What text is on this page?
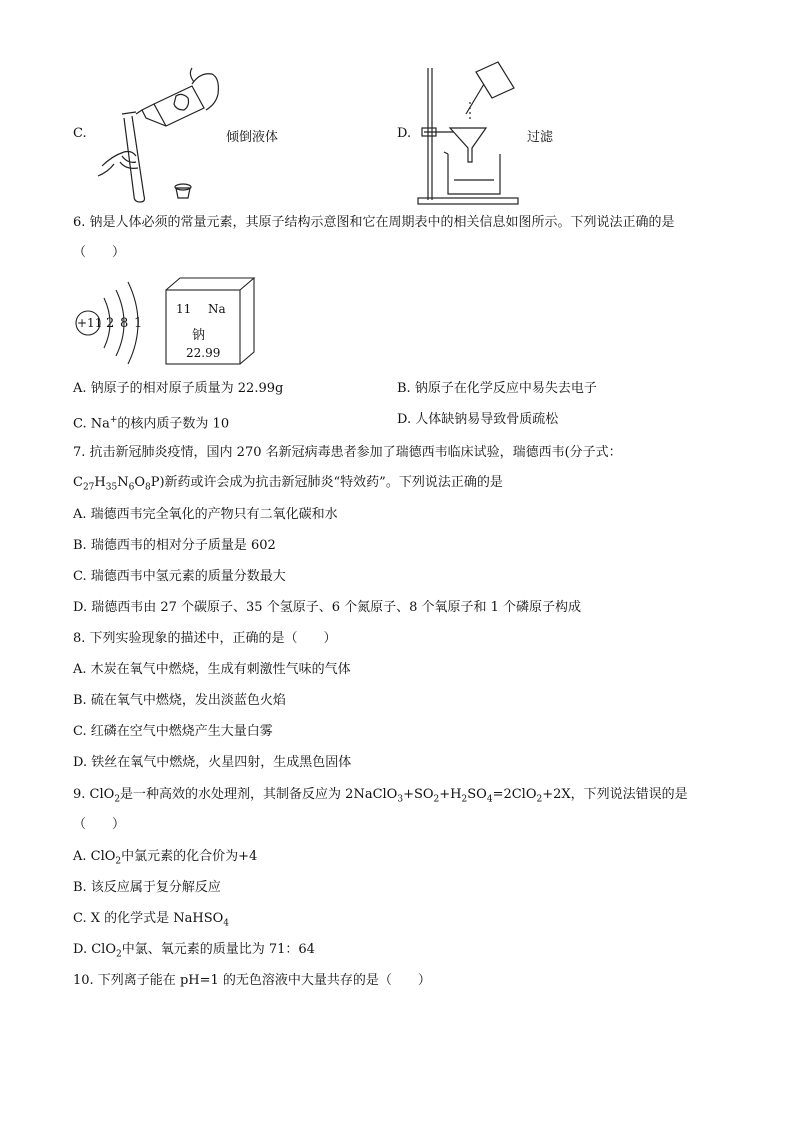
C.	倾倒液体	D.	过滤
6. 钠是人体必须的常量元素，其原子结构示意图和它在周期表中的相关信息如图所示。下列说法正确的是
（　　）
+11 2 8 1
11 Na
钠
22.99
A. 钠原子的相对原子质量为 22.99g	B. 钠原子在化学反应中易失去电子
C. Na+的核内质子数为 10	D. 人体缺钠易导致骨质疏松
7. 抗击新冠肺炎疫情，国内 270 名新冠病毒患者参加了瑞德西韦临床试验，瑞德西韦(分子式：
$C_{27}H_{35}N_6O_8P$)新药或许会成为抗击新冠肺炎“特效药”。下列说法正确的是
A. 瑞德西韦完全氧化的产物只有二氧化碳和水
B. 瑞德西韦的相对分子质量是 602
C. 瑞德西韦中氢元素的质量分数最大
D. 瑞德西韦由 27 个碳原子、35 个氢原子、6 个氮原子、8 个氧原子和 1 个磷原子构成
8. 下列实验现象的描述中，正确的是（　　）
A. 木炭在氧气中燃烧，生成有刺激性气味的气体
B. 硫在氧气中燃烧，发出淡蓝色火焰
C. 红磷在空气中燃烧产生大量白雾
D. 铁丝在氧气中燃烧，火星四射，生成黑色固体
9. ClO$_2$是一种高效的水处理剂，其制备反应为 $2NaClO_3+SO_2+H_2SO_4=2ClO_2+2X$，下列说法错误的是
（　　）
A. ClO$_2$中氯元素的化合价为+4
B. 该反应属于复分解反应
C. X 的化学式是 NaHSO$_4$
D. ClO$_2$中氯、氧元素的质量比为 71：64
10. 下列离子能在 pH=1 的无色溶液中大量共存的是（　　）
